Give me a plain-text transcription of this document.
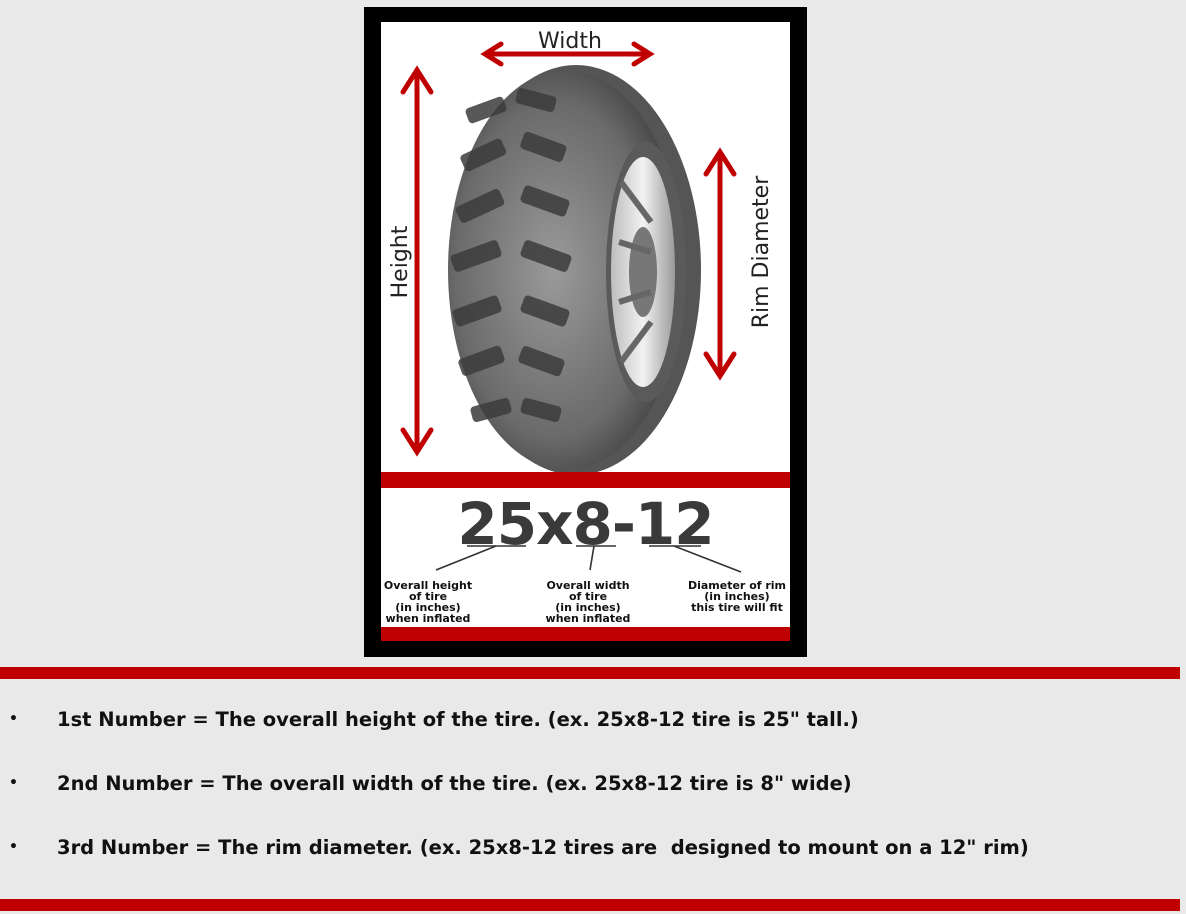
Width
Height	Rim Diameter
25x8-12
Overall height
of tire
(in inches)
when inflated
Overall width
of tire
(in inches)
when inflated
Diameter of rim
(in inches)
this tire will fit
• 1st Number = The overall height of the tire. (ex. 25x8-12 tire is 25" tall.)
• 2nd Number = The overall width of the tire. (ex. 25x8-12 tire is 8" wide)
• 3rd Number = The rim diameter. (ex. 25x8-12 tires are  designed to mount on a 12" rim)
